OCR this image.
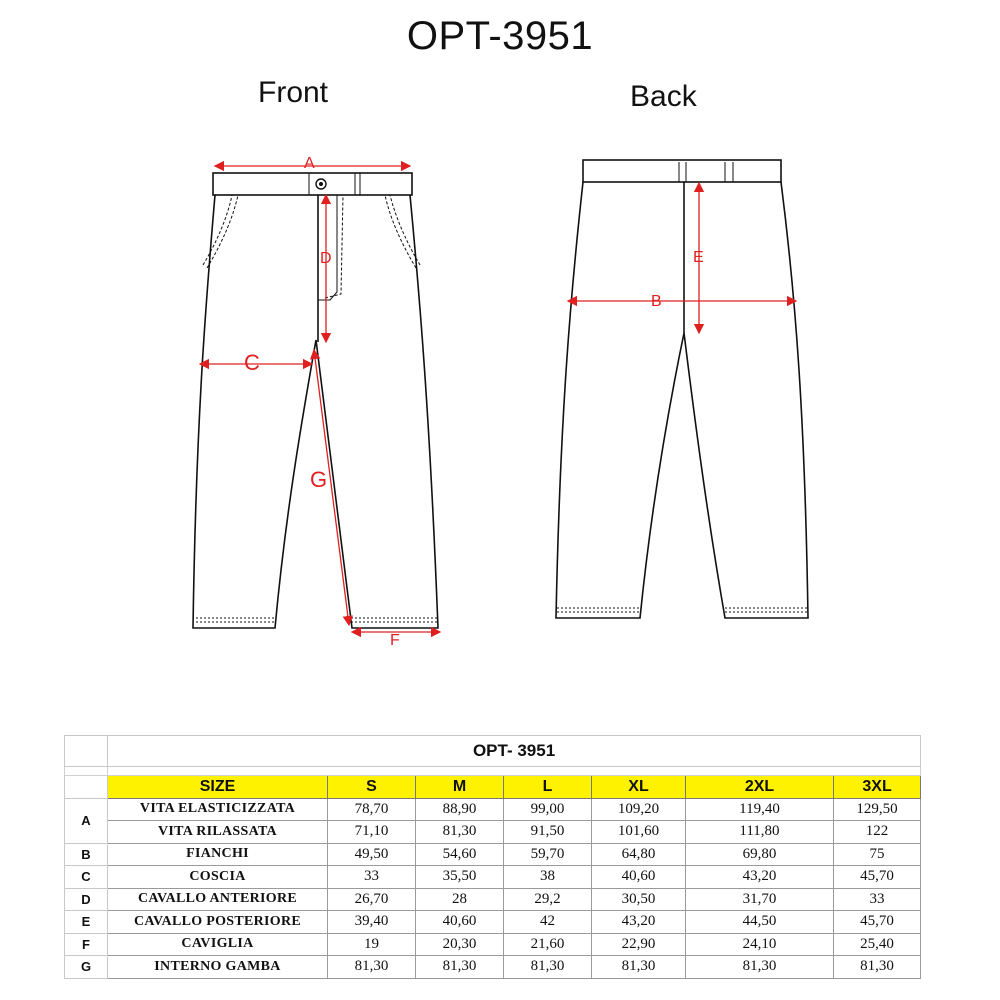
OPT-3951
Front	Back
A
D
C
G
F
E
B
	OPT- 3951						

	SIZE	S	M	L	XL	2XL	3XL
A	VITA ELASTICIZZATA	78,70	88,90	99,00	109,20	119,40	129,50
	VITA RILASSATA	71,10	81,30	91,50	101,60	111,80	122
B	FIANCHI	49,50	54,60	59,70	64,80	69,80	75
C	COSCIA	33	35,50	38	40,60	43,20	45,70
D	CAVALLO ANTERIORE	26,70	28	29,2	30,50	31,70	33
E	CAVALLO POSTERIORE	39,40	40,60	42	43,20	44,50	45,70
F	CAVIGLIA	19	20,30	21,60	22,90	24,10	25,40
G	INTERNO GAMBA	81,30	81,30	81,30	81,30	81,30	81,30
